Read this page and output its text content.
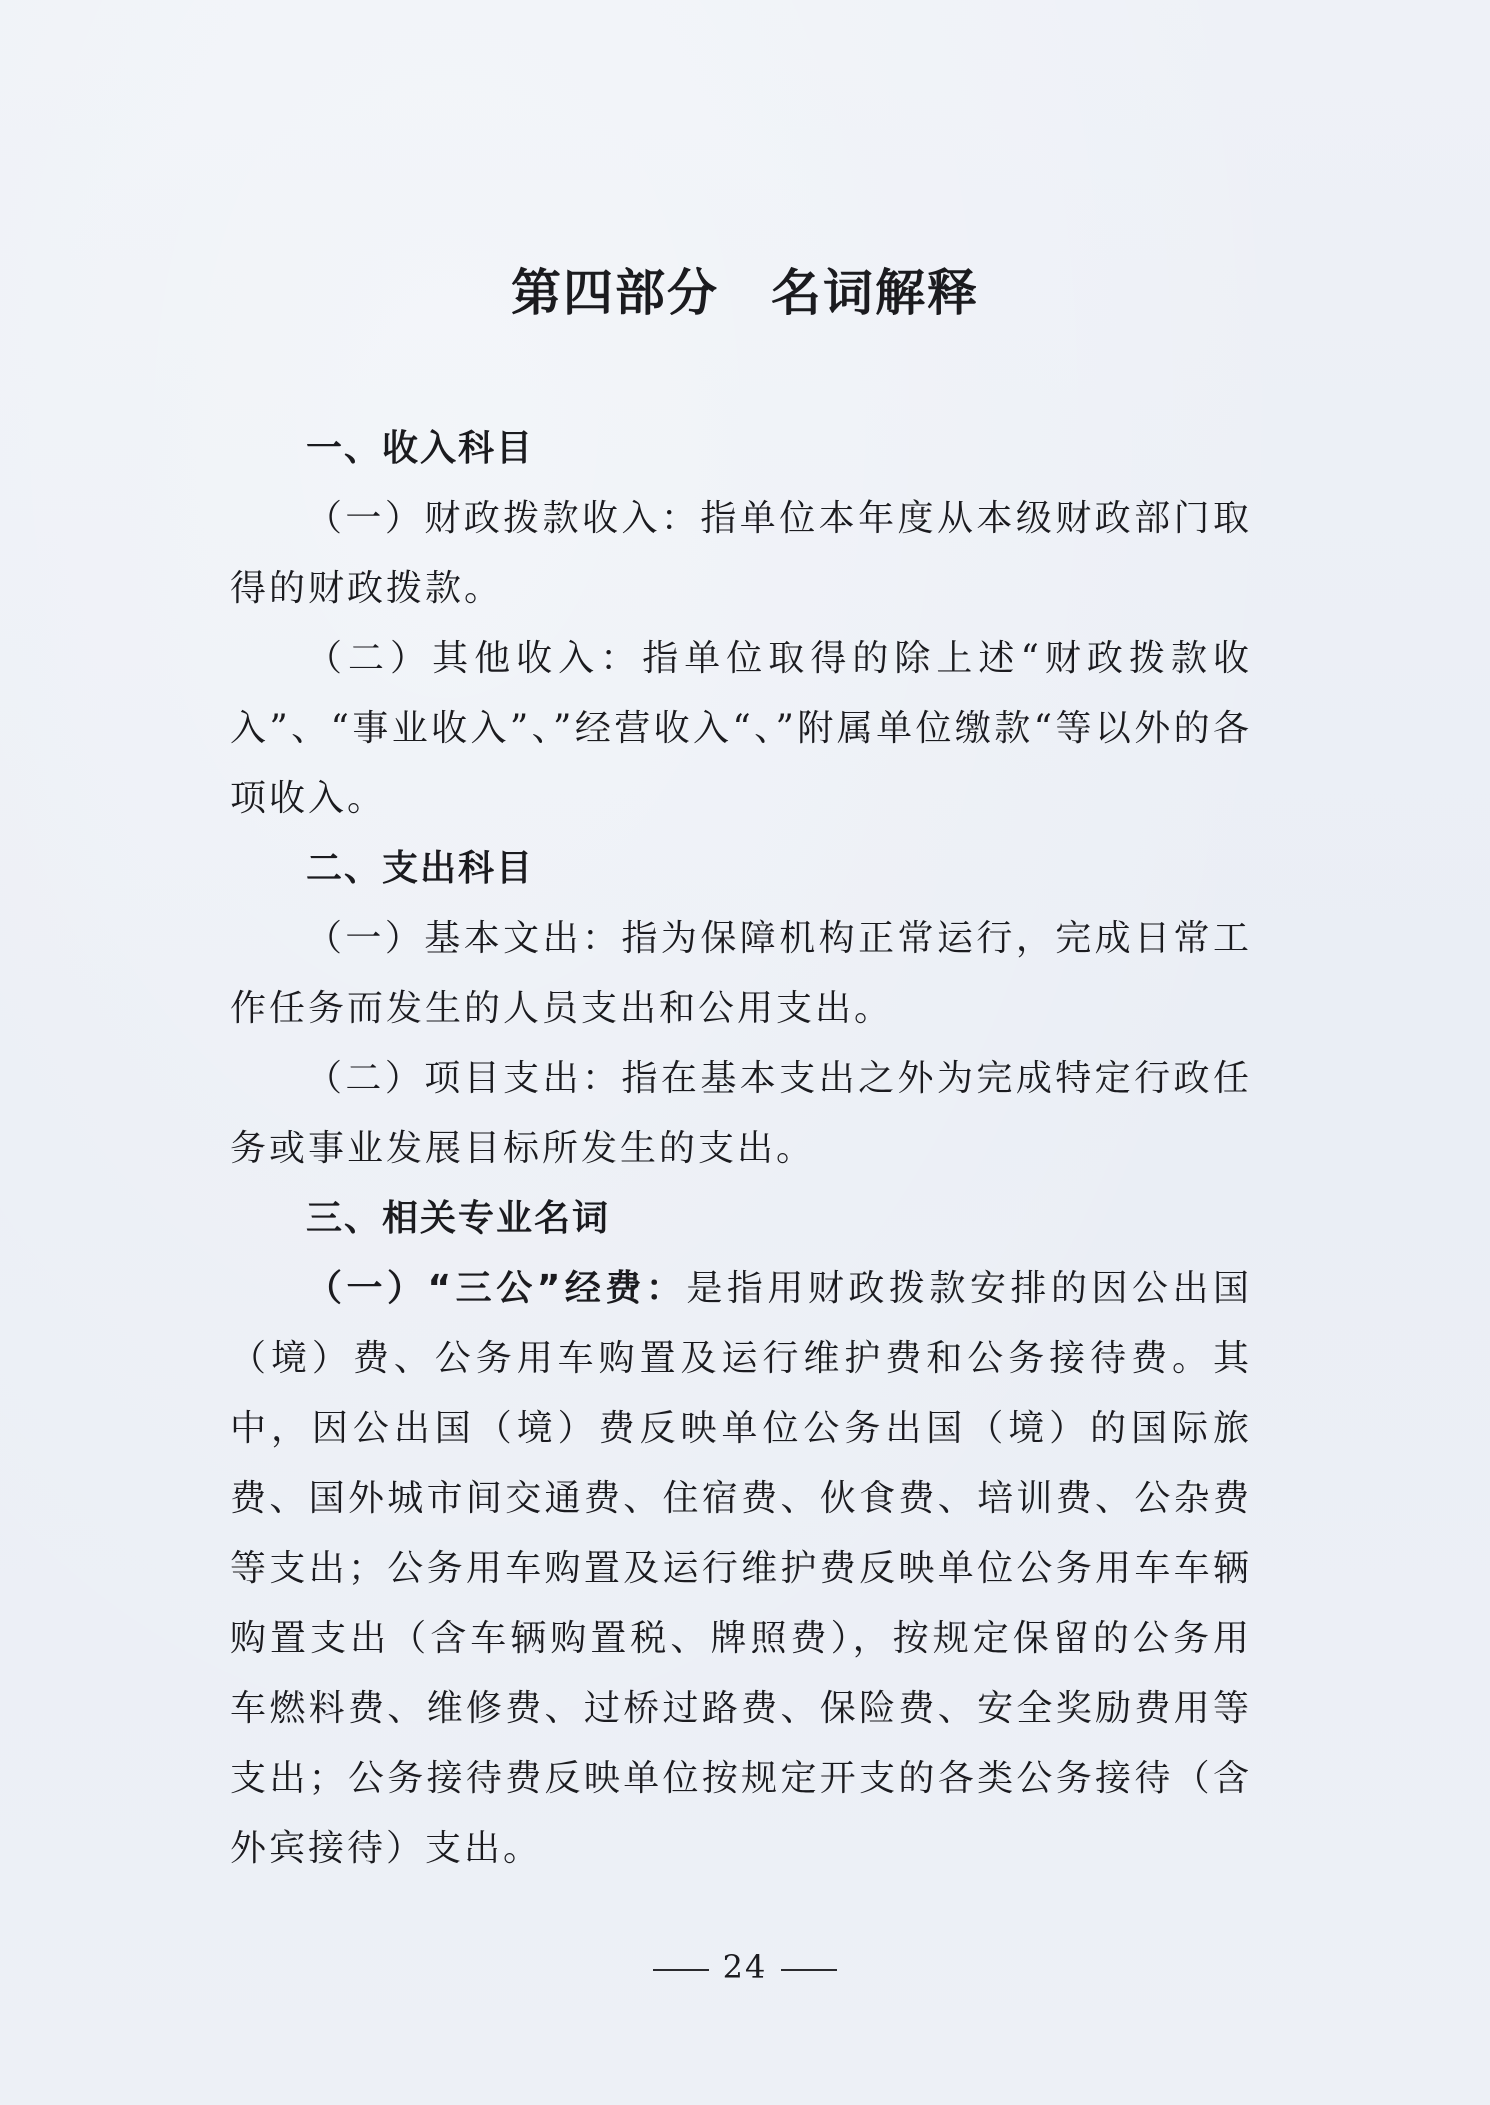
第四部分　名词解释

一、收入科目

（一）财政拨款收入：指单位本年度从本级财政部门取得的财政拨款。

（二）其他收入：指单位取得的除上述“财政拨款收入”、“事业收入”、”经营收入“、”附属单位缴款“等以外的各项收入。

二、支出科目

（一）基本文出：指为保障机构正常运行，完成日常工作任务而发生的人员支出和公用支出。

（二）项目支出：指在基本支出之外为完成特定行政任务或事业发展目标所发生的支出。

三、相关专业名词

（一）“三公”经费：是指用财政拨款安排的因公出国（境）费、公务用车购置及运行维护费和公务接待费。其中，因公出国（境）费反映单位公务出国（境）的国际旅费、国外城市间交通费、住宿费、伙食费、培训费、公杂费等支出；公务用车购置及运行维护费反映单位公务用车车辆购置支出（含车辆购置税、牌照费），按规定保留的公务用车燃料费、维修费、过桥过路费、保险费、安全奖励费用等支出；公务接待费反映单位按规定开支的各类公务接待（含外宾接待）支出。

24
